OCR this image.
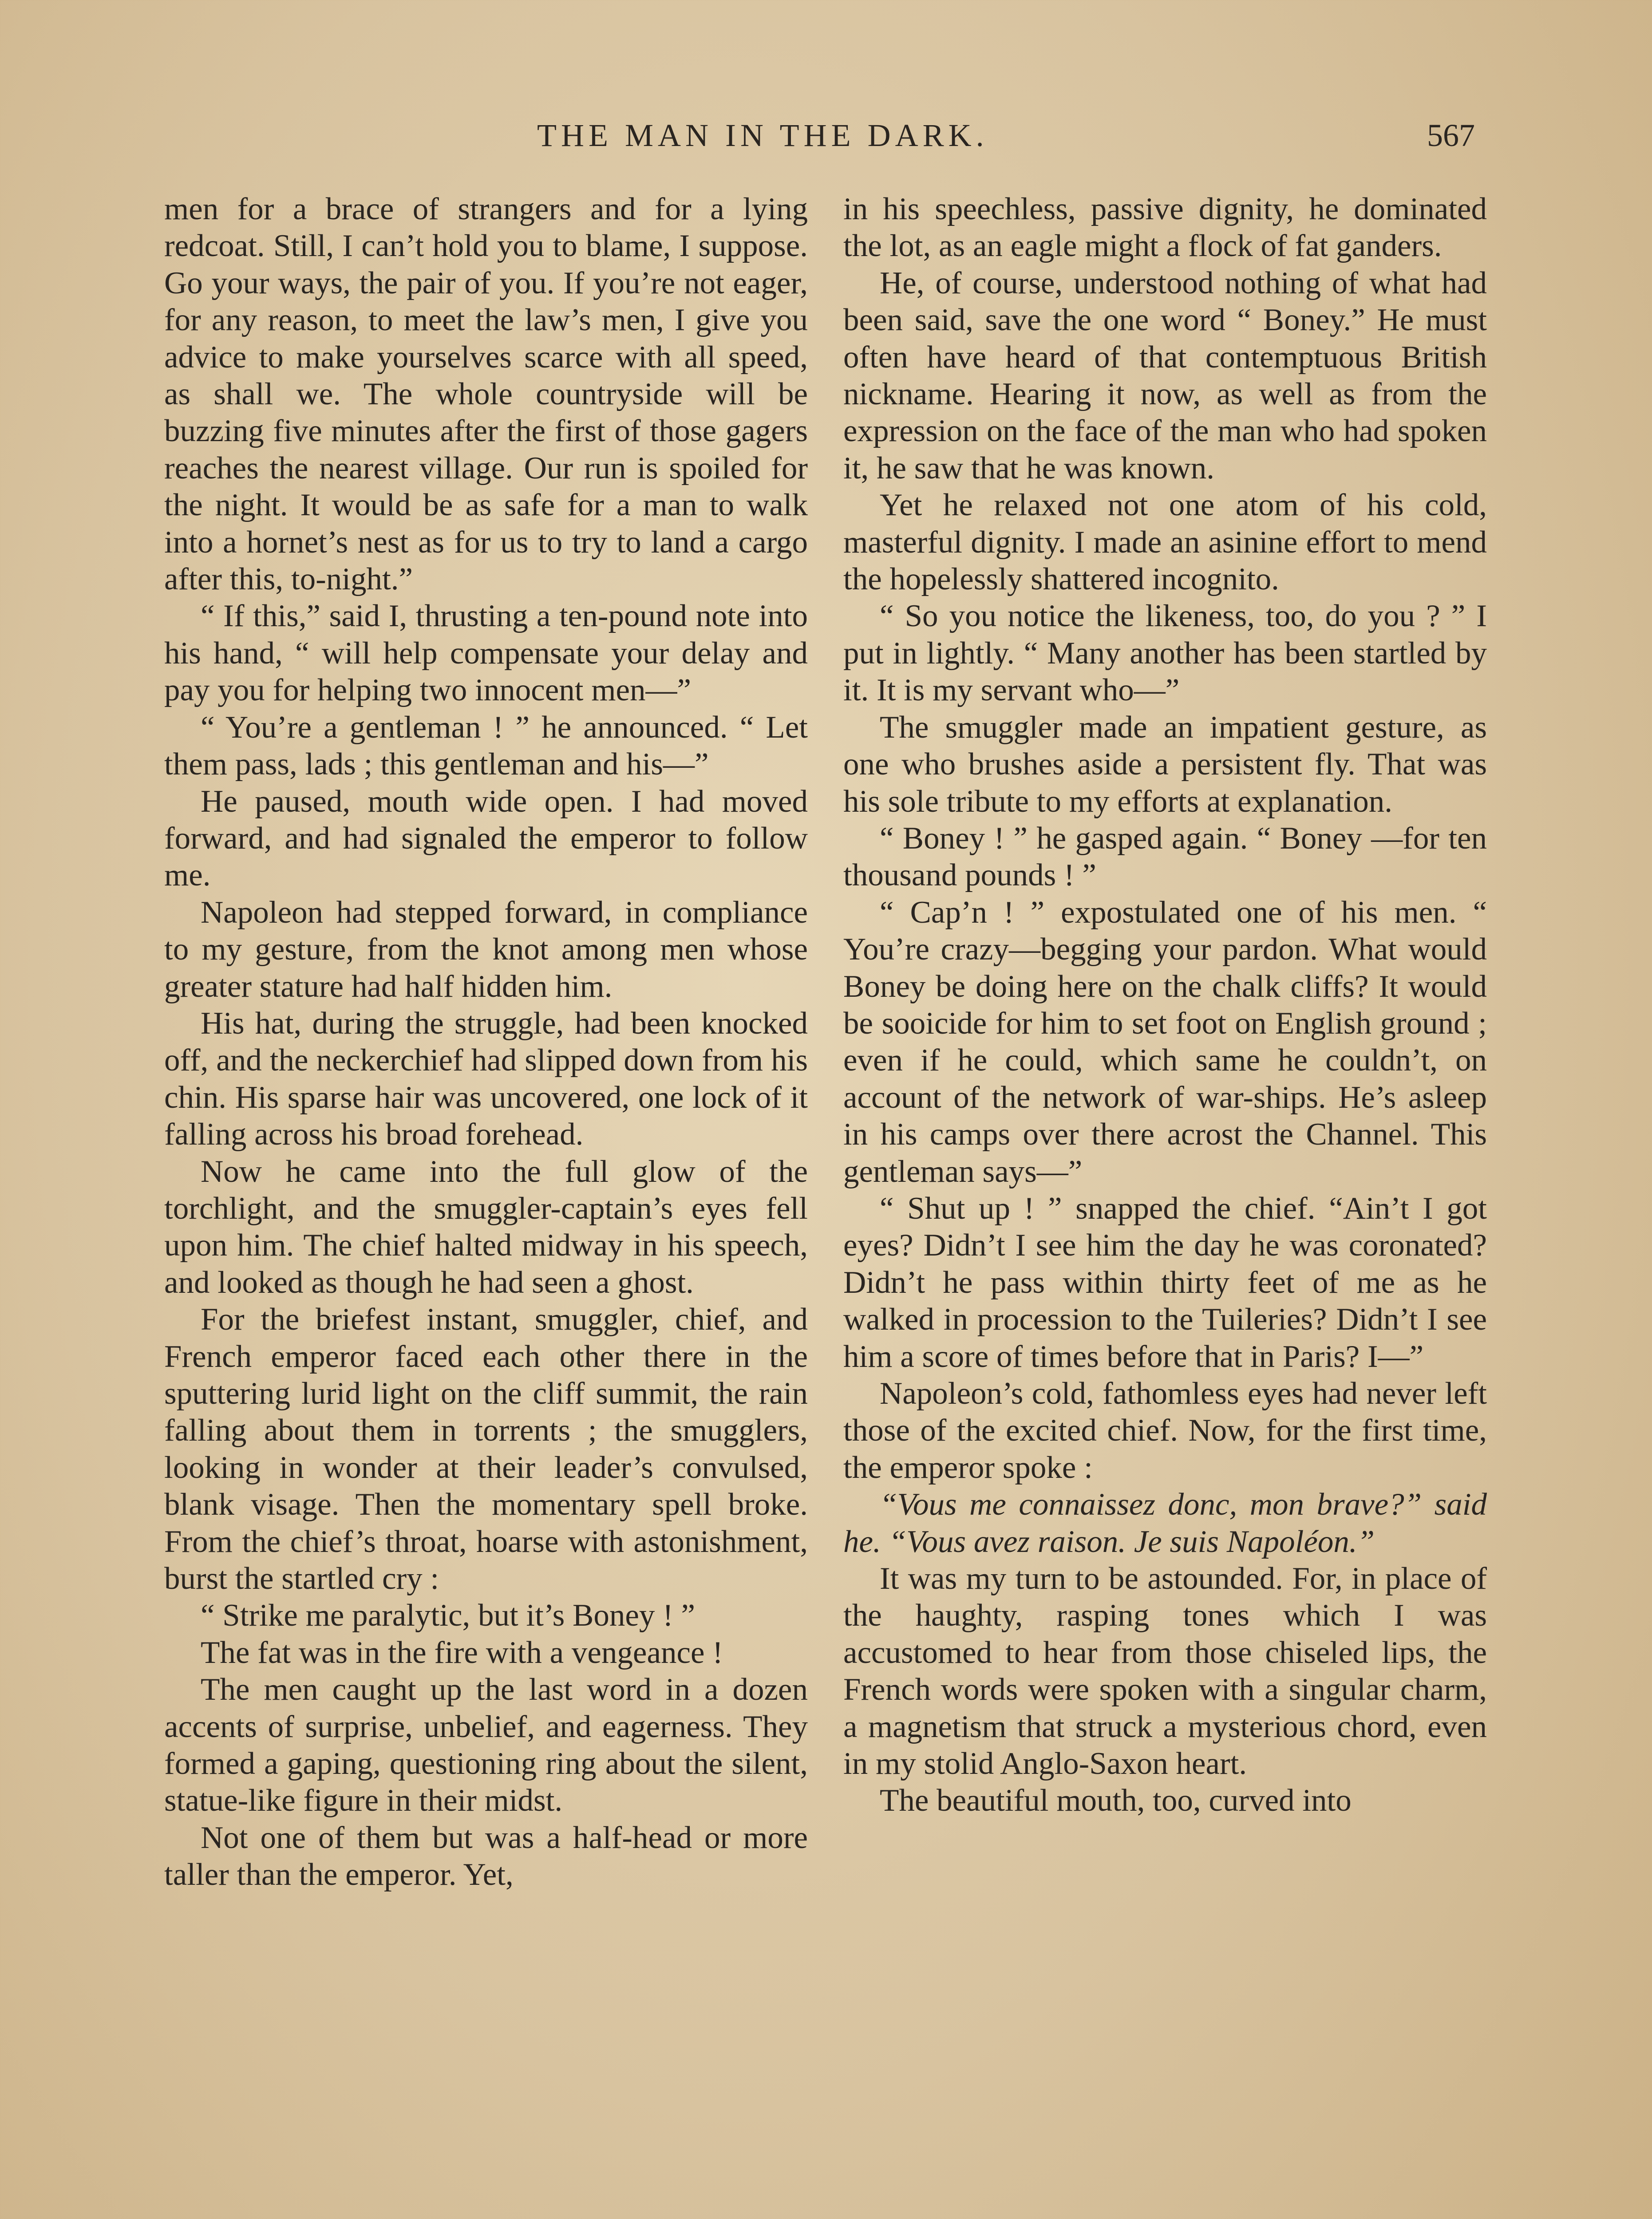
THE MAN IN THE DARK.	567

men for a brace of strangers and for a lying redcoat. Still, I can’t hold you to blame, I suppose. Go your ways, the pair of you. If you’re not eager, for any reason, to meet the law’s men, I give you advice to make yourselves scarce with all speed, as shall we. The whole countryside will be buzzing five minutes after the first of those gagers reaches the nearest village. Our run is spoiled for the night. It would be as safe for a man to walk into a hornet’s nest as for us to try to land a cargo after this, to-night.”

“ If this,” said I, thrusting a ten-pound note into his hand, “ will help compensate your delay and pay you for helping two innocent men—”

“ You’re a gentleman ! ” he announced. “ Let them pass, lads ; this gentleman and his—”

He paused, mouth wide open. I had moved forward, and had signaled the emperor to follow me.

Napoleon had stepped forward, in compliance to my gesture, from the knot among men whose greater stature had half hidden him.

His hat, during the struggle, had been knocked off, and the neckerchief had slipped down from his chin. His sparse hair was uncovered, one lock of it falling across his broad forehead.

Now he came into the full glow of the torchlight, and the smuggler-captain’s eyes fell upon him. The chief halted midway in his speech, and looked as though he had seen a ghost.

For the briefest instant, smuggler, chief, and French emperor faced each other there in the sputtering lurid light on the cliff summit, the rain falling about them in torrents ; the smugglers, looking in wonder at their leader’s convulsed, blank visage. Then the momentary spell broke. From the chief’s throat, hoarse with astonishment, burst the startled cry :

“ Strike me paralytic, but it’s Boney ! ”

The fat was in the fire with a vengeance !

The men caught up the last word in a dozen accents of surprise, unbelief, and eagerness. They formed a gaping, questioning ring about the silent, statue-like figure in their midst.

Not one of them but was a half-head or more taller than the emperor. Yet,

in his speechless, passive dignity, he dominated the lot, as an eagle might a flock of fat ganders.

He, of course, understood nothing of what had been said, save the one word “ Boney.” He must often have heard of that contemptuous British nickname. Hearing it now, as well as from the expression on the face of the man who had spoken it, he saw that he was known.

Yet he relaxed not one atom of his cold, masterful dignity. I made an asinine effort to mend the hopelessly shattered incognito.

“ So you notice the likeness, too, do you ? ” I put in lightly. “ Many another has been startled by it. It is my servant who—”

The smuggler made an impatient gesture, as one who brushes aside a persistent fly. That was his sole tribute to my efforts at explanation.

“ Boney ! ” he gasped again. “ Boney —for ten thousand pounds ! ”

“ Cap’n ! ” expostulated one of his men. “ You’re crazy—begging your pardon. What would Boney be doing here on the chalk cliffs? It would be sooicide for him to set foot on English ground ; even if he could, which same he couldn’t, on account of the network of war-ships. He’s asleep in his camps over there acrost the Channel. This gentleman says—”

“ Shut up ! ” snapped the chief. “Ain’t I got eyes? Didn’t I see him the day he was coronated? Didn’t he pass within thirty feet of me as he walked in procession to the Tuileries? Didn’t I see him a score of times before that in Paris? I—”

Napoleon’s cold, fathomless eyes had never left those of the excited chief. Now, for the first time, the emperor spoke :

“Vous me connaissez donc, mon brave?” said he. “Vous avez raison. Je suis Napoléon.”

It was my turn to be astounded. For, in place of the haughty, rasping tones which I was accustomed to hear from those chiseled lips, the French words were spoken with a singular charm, a magnetism that struck a mysterious chord, even in my stolid Anglo-Saxon heart.

The beautiful mouth, too, curved into
